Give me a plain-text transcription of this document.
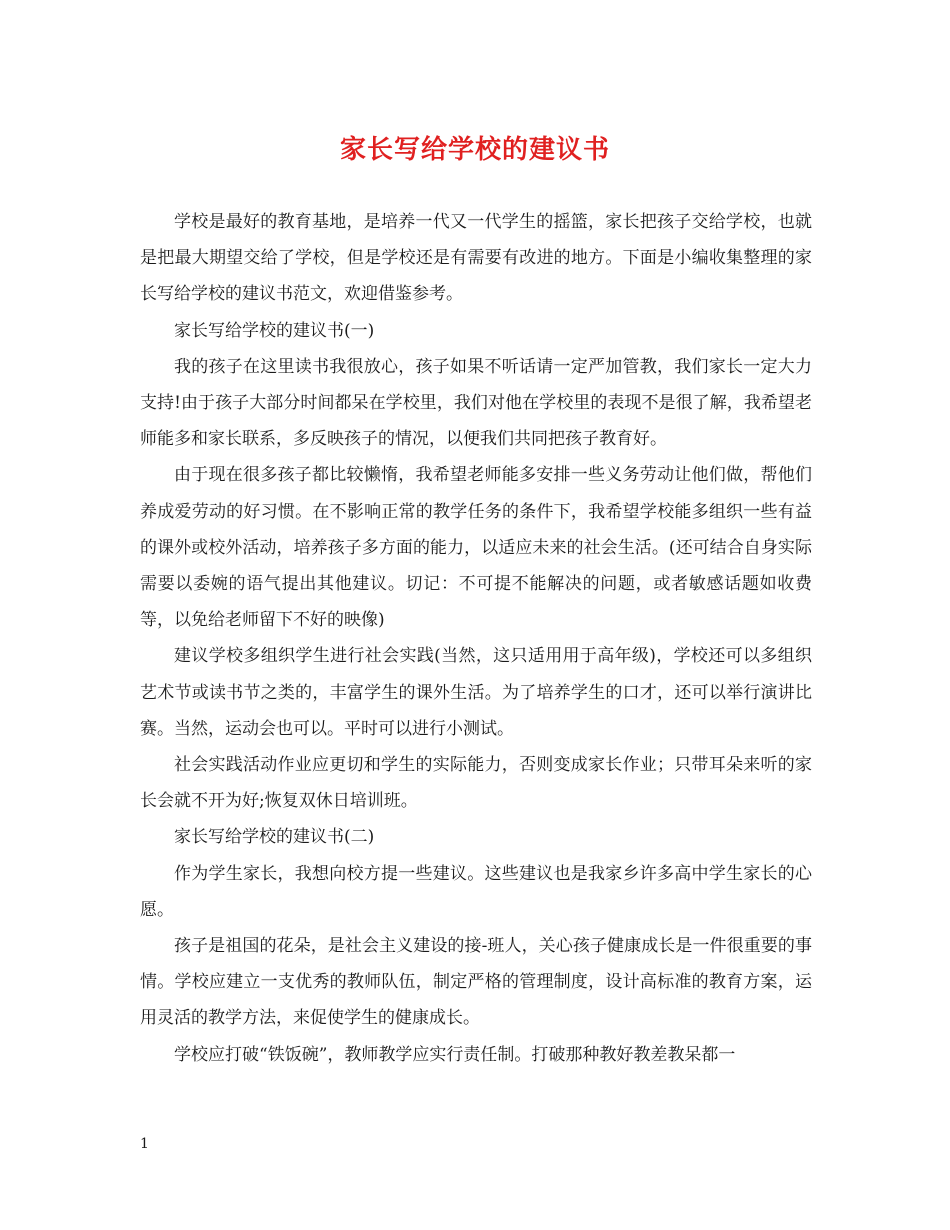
家长写给学校的建议书

学校是最好的教育基地，是培养一代又一代学生的摇篮，家长把孩子交给学校，也就是把最大期望交给了学校，但是学校还是有需要有改进的地方。下面是小编收集整理的家长写给学校的建议书范文，欢迎借鉴参考。

家长写给学校的建议书(一)

我的孩子在这里读书我很放心，孩子如果不听话请一定严加管教，我们家长一定大力支持!由于孩子大部分时间都呆在学校里，我们对他在学校里的表现不是很了解，我希望老师能多和家长联系，多反映孩子的情况，以便我们共同把孩子教育好。

由于现在很多孩子都比较懒惰，我希望老师能多安排一些义务劳动让他们做，帮他们养成爱劳动的好习惯。在不影响正常的教学任务的条件下，我希望学校能多组织一些有益的课外或校外活动，培养孩子多方面的能力，以适应未来的社会生活。(还可结合自身实际需要以委婉的语气提出其他建议。切记：不可提不能解决的问题，或者敏感话题如收费等，以免给老师留下不好的映像)

建议学校多组织学生进行社会实践(当然，这只适用用于高年级)，学校还可以多组织艺术节或读书节之类的，丰富学生的课外生活。为了培养学生的口才，还可以举行演讲比赛。当然，运动会也可以。平时可以进行小测试。

社会实践活动作业应更切和学生的实际能力，否则变成家长作业；只带耳朵来听的家长会就不开为好;恢复双休日培训班。

家长写给学校的建议书(二)

作为学生家长，我想向校方提一些建议。这些建议也是我家乡许多高中学生家长的心愿。

孩子是祖国的花朵，是社会主义建设的接-班人，关心孩子健康成长是一件很重要的事情。学校应建立一支优秀的教师队伍，制定严格的管理制度，设计高标准的教育方案，运用灵活的教学方法，来促使学生的健康成长。

学校应打破“铁饭碗”，教师教学应实行责任制。打破那种教好教差教呆都一

1
